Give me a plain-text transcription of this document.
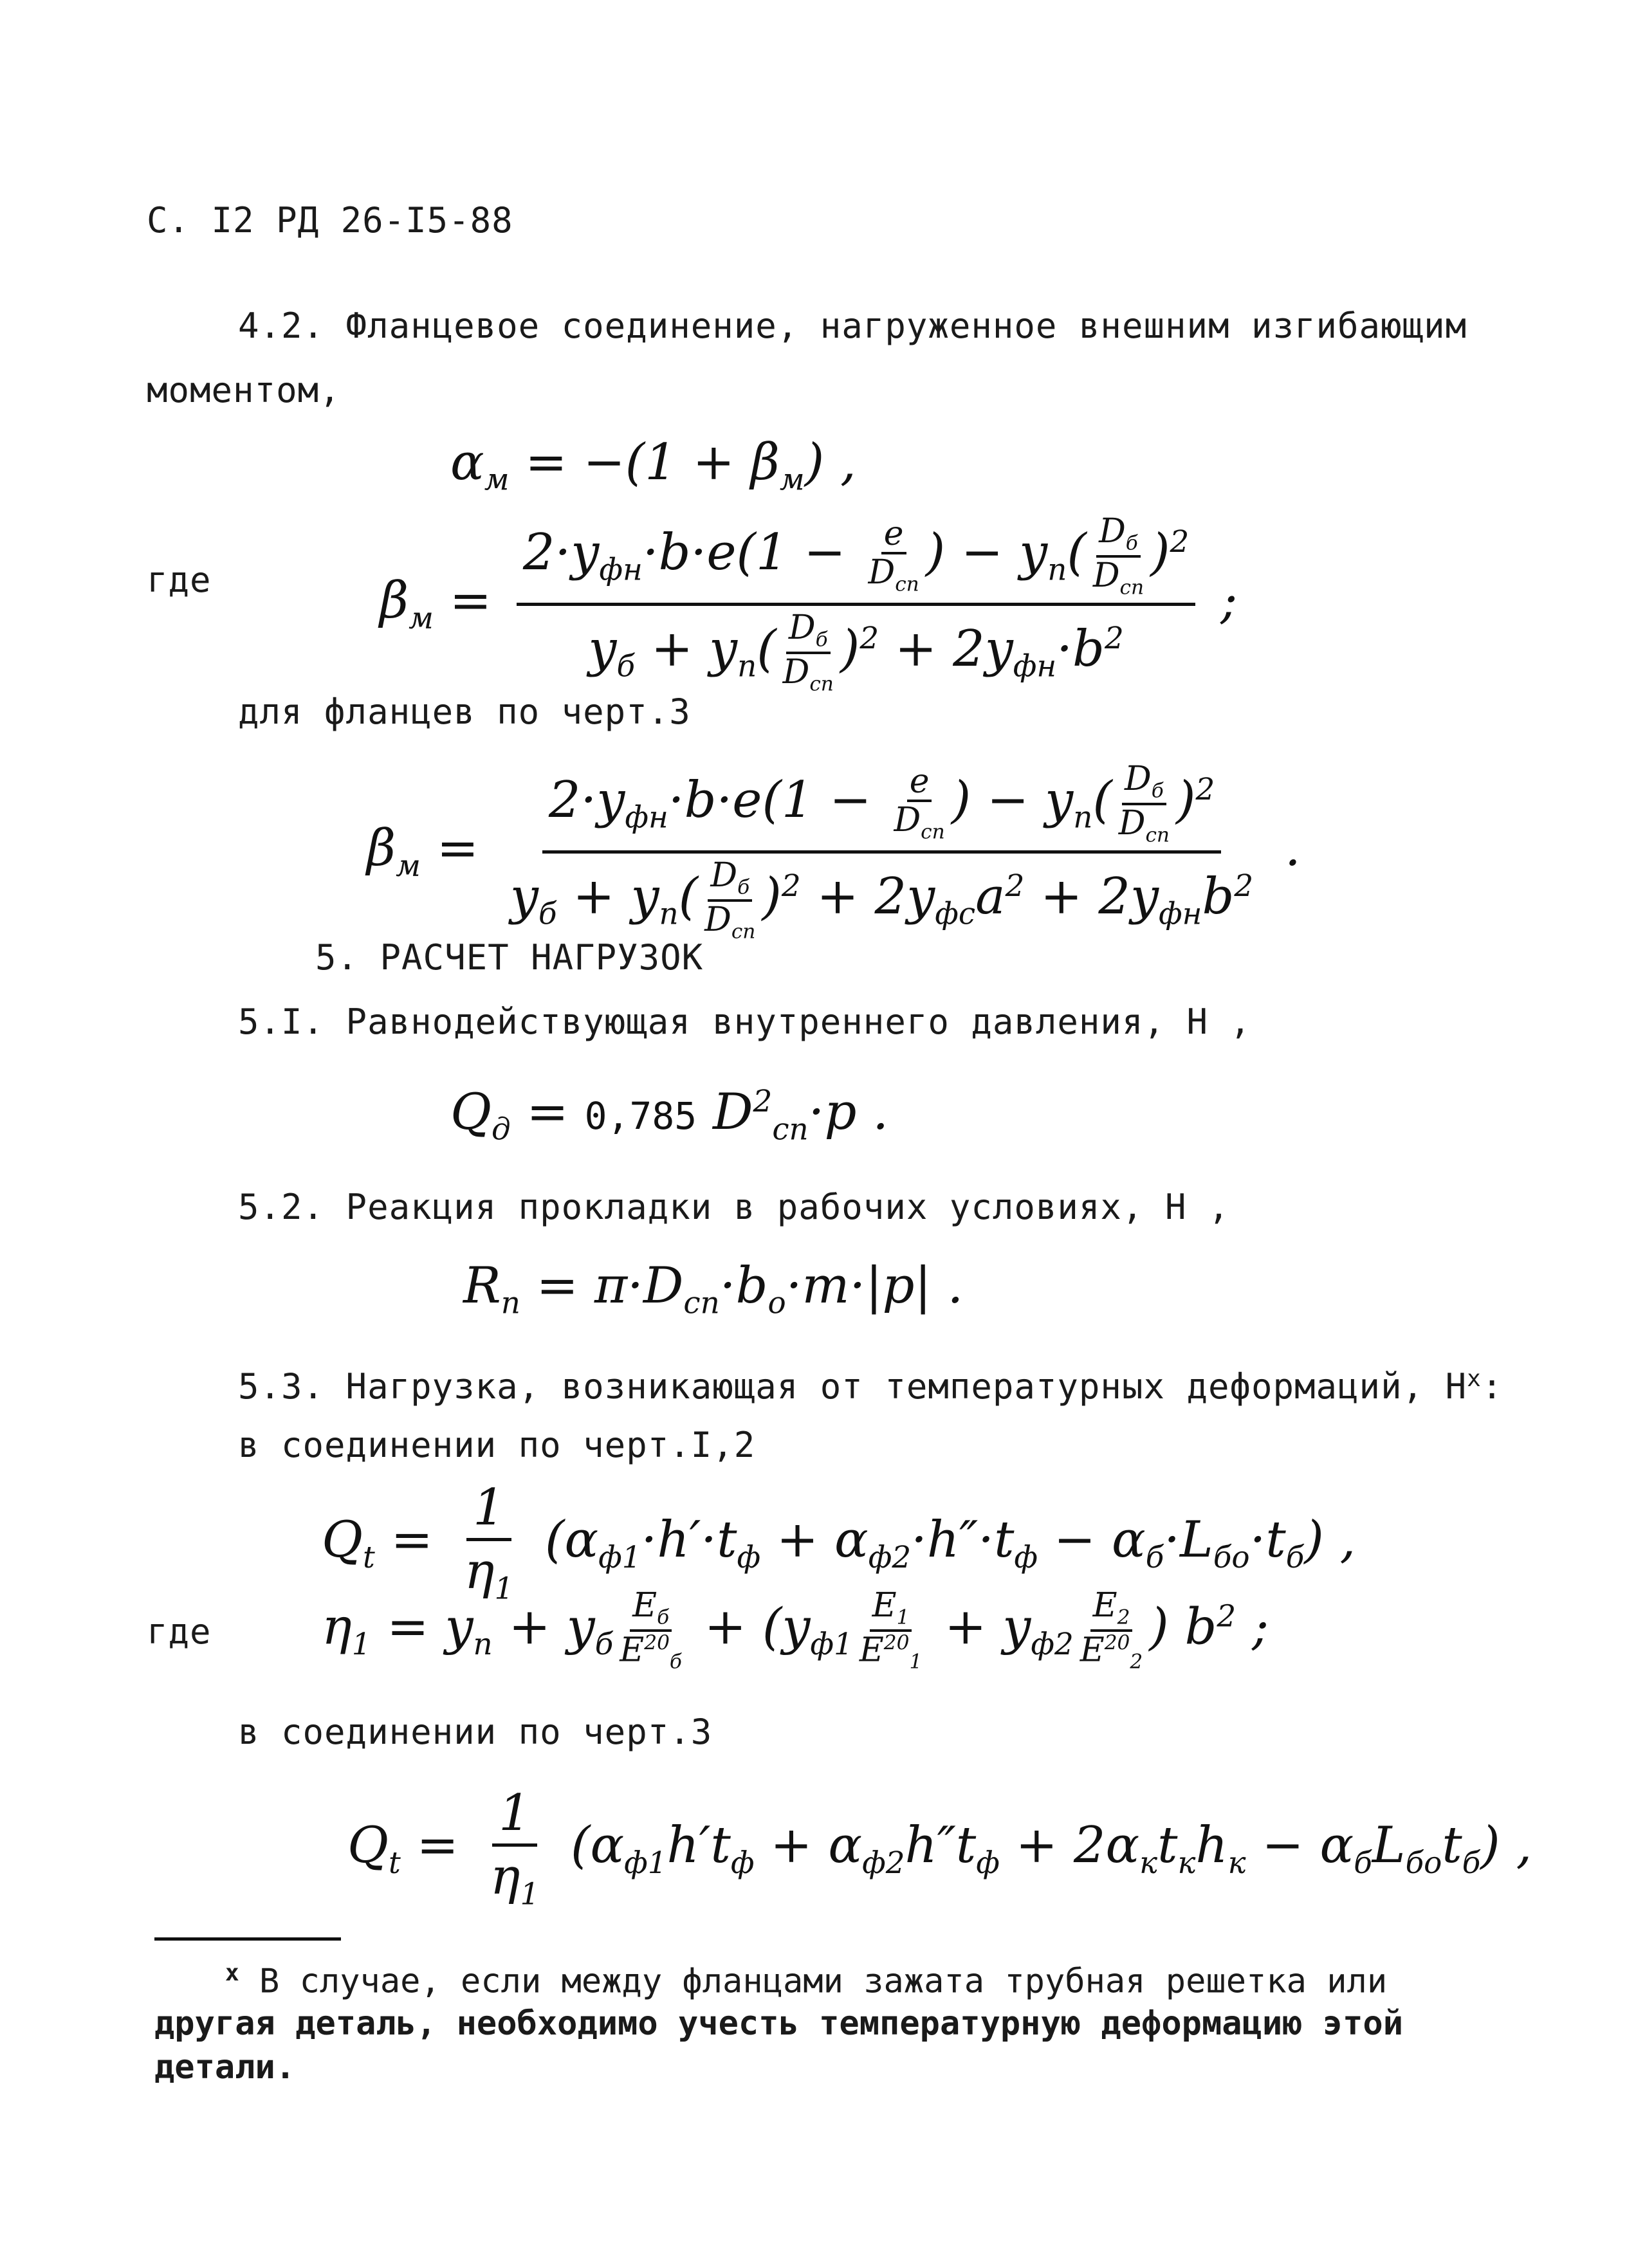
С. I2 РД 26-I5-88
4.2. Фланцевое соединение, нагруженное внешним изгибающим
моментом,
$\alpha_м = -(1 + \beta_м)$ ,
где	$\beta_м = \frac{2\cdot y_{фн}\cdot b\cdot e(1 - \frac{e}{D_{сп}} ) - y_п( \frac{D_б}{D_{сп}} )^2}{y_б + y_п( \frac{D_б}{D_{сп}} )^2 + 2y_{фн}\cdot b^2}$ ;
для фланцев по черт.3
$\beta_м = \frac{2\cdot y_{фн}\cdot b\cdot e(1 - \frac{e}{D_{сп}} ) - y_п( \frac{D_б}{D_{сп}} )^2}{y_б + y_п( \frac{D_б}{D_{сп}} )^2 + 2y_{фс}a^2 + 2y_{фн}b^2}$ .
5. РАСЧЕТ НАГРУЗОК
5.I. Равнодействующая внутреннего давления, Н ,
$Q_д = 0,785$ $D^2_{сп}\cdot p$ .
5.2. Реакция прокладки в рабочих условиях, Н ,
$R_п = \pi\cdot D_{сп}\cdot b_о\cdot m\cdot|p|$ .
5.3. Нагрузка, возникающая от температурных деформаций, $Н^х$:
в соединении по черт.I,2
$Q_t = \frac{1}{\eta_1} (\alpha_{ф1}\cdot h'\cdot t_ф + \alpha_{ф2}\cdot h''\cdot t_ф - \alpha_б\cdot L_{бо}\cdot t_б)$ ,
где $\eta_1 = y_п + y_б \frac{E_б}{E^{20}_б} + (y_{ф1} \frac{E_1}{E^{20}_1} + y_{ф2} \frac{E_2}{E^{20}_2}$ ) $b^2$ ;
в соединении по черт.3
$Q_t = \frac{1}{\eta_1} (\alpha_{ф1}h't_ф + \alpha_{ф2}h''t_ф + 2\alpha_кt_кh_к - \alpha_бL_{бо}t_б)$ ,
$^х$ В случае, если между фланцами зажата трубная решетка или
другая деталь, необходимо учесть температурную деформацию этой
детали.
